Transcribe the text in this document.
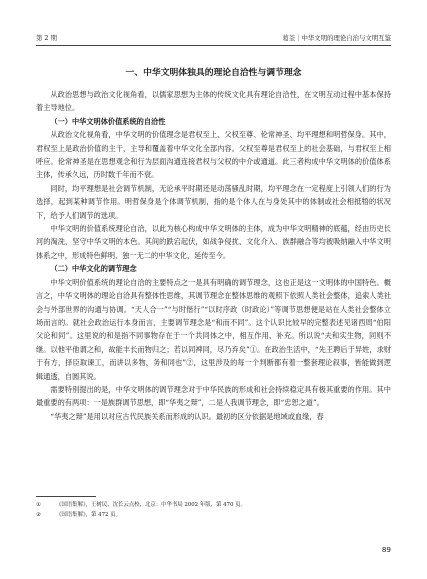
第 2 期	葛荃｜中华文明的理论自治与文明互鉴
一、中华文明体独具的理论自洽性与调节理念

从政治思想与政治文化视角看，以儒家思想为主体的传统文化具有理论自洽性，在文明互动过程中基本保持着主导地位。

（一）中华文明体价值系统的自洽性

从政治文化视角看，中华文明的价值理念是君权至上、父权至尊、伦常神圣、均平理想和明哲保身。其中，君权至上是政治价值的主干，主导和覆盖着中华文化全部内容。父权至尊是君权至上的社会基础，与君权至上相呼应。伦常神圣是在思想观念和行为层面沟通连接君权与父权的中介或通道。此三者构成中华文明体的价值体系主体，传承久远，历时数千年而不衰。

同时，均平理想是社会调节机制，无论承平时期还是动荡骚乱时期，均平理念在一定程度上引领人们的行为选择，起到某种调节作用。明哲保身是个体调节机制，指的是个体人在与身处其中的体制或社会相抵牾的状况下，给予人们调节的选项。

中华文明的价值系统理论自洽，以此为核心构成中华文明体的主体，成为中华文明精神的底蕴，经由历史长河的淘洗，坚守中华文明的本色。其间的跌宕起伏，如战争侵扰、文化介入、族群融合等均被吸纳融入中华文明体系之中，形成特色鲜明、独一无二的中华文化，延传至今。

（二）中华文化的调节理念

中华文明价值系统的理论自洽的主要特点之一是具有明确的调节理念，这也正是这一文明体的中国特色。概言之，中华文明体的理论自洽具有整体性思维，其调节理念在整体思维的观照下依照人类社会整体，追索人类社会与外部世界的沟通与协调。“天人合一”“与时偕行”“以时序政（时政论）”等调节思想便是站在人类社会整体立场而言的。就社会政治运行本身而言，主要调节理念是“和而不同”。这个认识比较早的完整表述见诸西周“伯阳父论和同”。这里说的和是指不同事物存在于一个共同体之中，相互作用、补充。所以说“夫和实生物，同则不继。以他平他谓之和，故能丰长而物归之；若以同裨同，尽乃弃矣”①。在政治生活中，“先王聘后于异姓，求财于有方，择臣取谏工，而讲以多物，务和同也”②，这里涉及的每一个判断都有着一整套理论叙事，皆能做到逻辑通透，自圆其说。

需要特别提出的是，中华文明体的调节理念对于中华民族的形成和社会持续稳定具有极其重要的作用。其中最重要的有两项：一是族群调节思想，即“华夷之辩”，二是人我调节理念，即“忠恕之道”。

“华夷之辩”是用以对应古代民族关系而形成的认识。最初的区分依据是地域或血缘，春

①	《国语集解》，王树民、沈长云点校，北京：中华书局 2002 年版，第 470 页。
②	《国语集解》，第 472 页。
89
